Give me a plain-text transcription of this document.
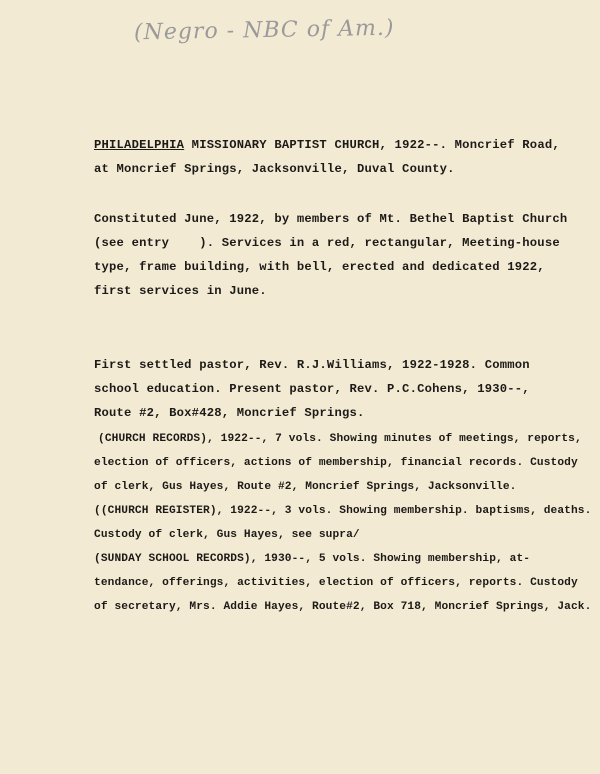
(Negro - NBC of Am.)
PHILADELPHIA MISSIONARY BAPTIST CHURCH, 1922--. Moncrief Road,
at Moncrief Springs, Jacksonville, Duval County.
Constituted June, 1922, by members of Mt. Bethel Baptist Church
(see entry    ). Services in a red, rectangular, Meeting-house
type, frame building, with bell, erected and dedicated 1922,
first services in June.
First settled pastor, Rev. R.J.Williams, 1922-1928. Common
school education. Present pastor, Rev. P.C.Cohens, 1930--,
Route #2, Box#428, Moncrief Springs.
(CHURCH RECORDS), 1922--, 7 vols. Showing minutes of meetings, reports,
election of officers, actions of membership, financial records. Custody
of clerk, Gus Hayes, Route #2, Moncrief Springs, Jacksonville.
((CHURCH REGISTER), 1922--, 3 vols. Showing membership. baptisms, deaths.
Custody of clerk, Gus Hayes, see supra/
(SUNDAY SCHOOL RECORDS), 1930--, 5 vols. Showing membership, at-
tendance, offerings, activities, election of officers, reports. Custody
of secretary, Mrs. Addie Hayes, Route#2, Box 718, Moncrief Springs, Jack.
